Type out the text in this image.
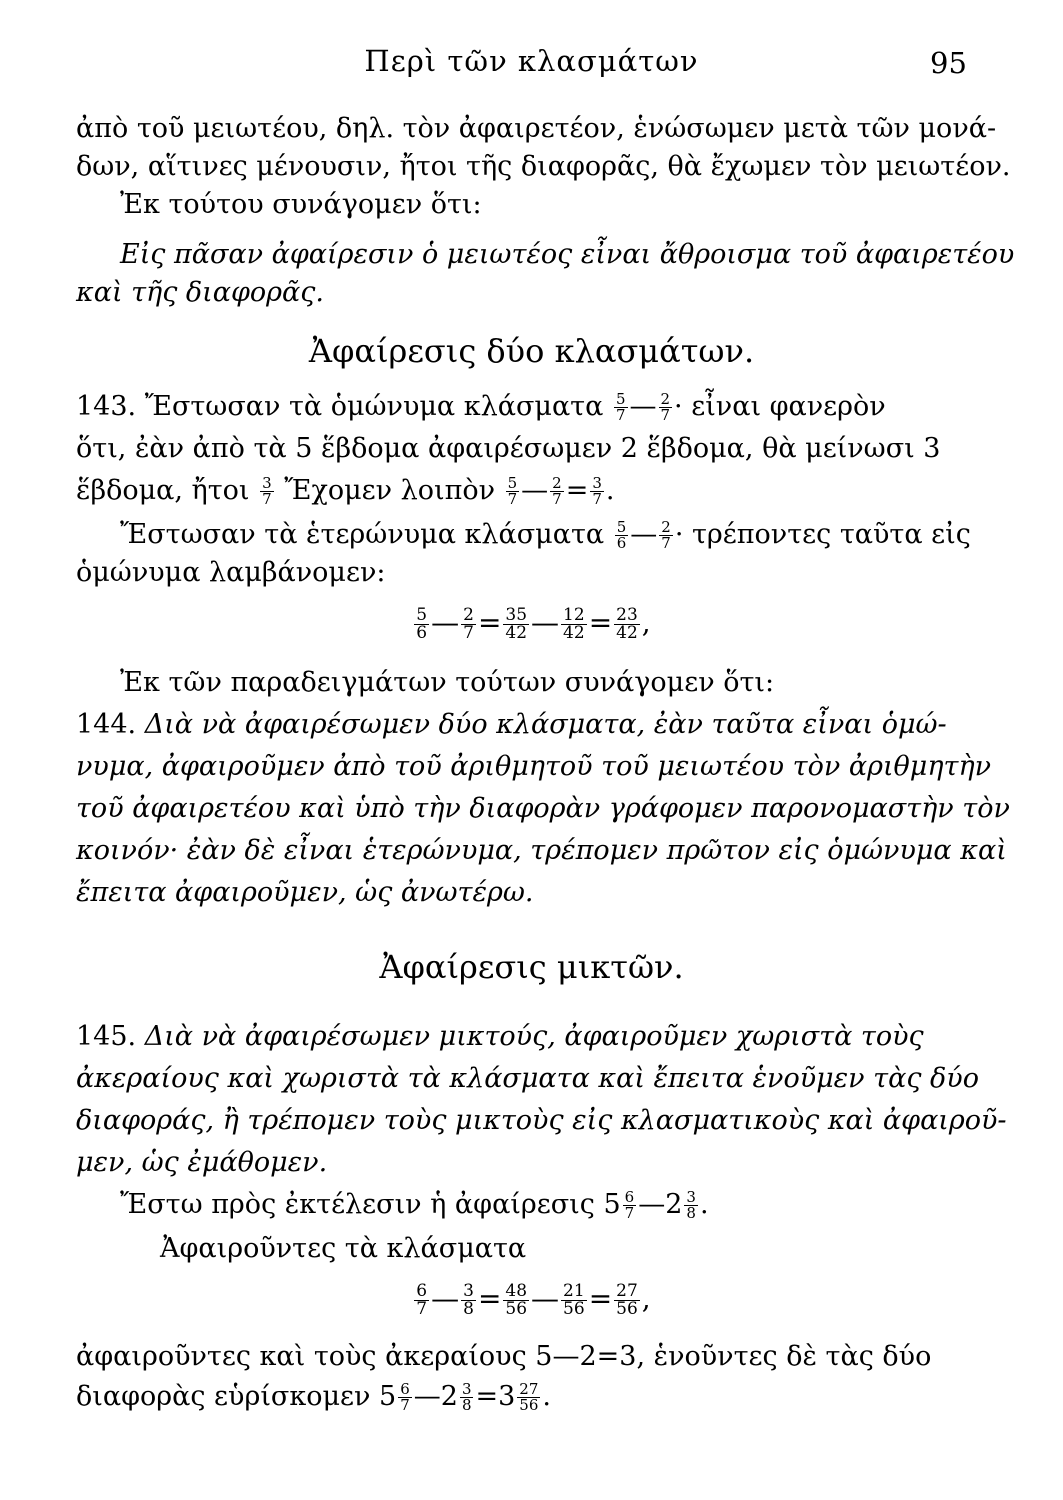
Περὶ τῶν κλασμάτων	95
ἀπὸ τοῦ μειωτέου, δηλ. τὸν ἀφαιρετέον, ἑνώσωμεν μετὰ τῶν μονά-
δων, αἵτινες μένουσιν, ἤτοι τῆς διαφορᾶς, θὰ ἔχωμεν τὸν μειωτέον.
Ἐκ τούτου συνάγομεν ὅτι:
Εἰς πᾶσαν ἀφαίρεσιν ὁ μειωτέος εἶναι ἄθροισμα τοῦ ἀφαιρετέου
καὶ τῆς διαφορᾶς.
Ἀφαίρεσις δύο κλασμάτων.
143. Ἔστωσαν τὰ ὁμώνυμα κλάσματα $\frac{5}{7}$ — $\frac{2}{7}$ · εἶναι φανερὸν
ὅτι, ἐὰν ἀπὸ τὰ 5 ἕβδομα ἀφαιρέσωμεν 2 ἕβδομα, θὰ μείνωσι 3
ἕβδομα, ἤτοι $\frac{3}{7}$ Ἔχομεν λοιπὸν $\frac{5}{7}$ — $\frac{2}{7} = \frac{3}{7}$ .
Ἔστωσαν τὰ ἑτερώνυμα κλάσματα $\frac{5}{6}$ — $\frac{2}{7} \cdot \tau\rho έ\pi o\nu\tau\varepsilon\varsigma$ ταῦτα εἰς
ὁμώνυμα λαμβάνομεν:
$\frac{5}{6}$ — $\frac{2}{7} = \frac{35}{42}$ — $\frac{12}{42} = \frac{23}{42}$ ,
Ἐκ τῶν παραδειγμάτων τούτων συνάγομεν ὅτι:
144. Διὰ νὰ ἀφαιρέσωμεν δύο κλάσματα, ἐὰν ταῦτα εἶναι ὁμώ-
νυμα, ἀφαιροῦμεν ἀπὸ τοῦ ἀριθμητοῦ τοῦ μειωτέου τὸν ἀριθμητὴν
τοῦ ἀφαιρετέου καὶ ὑπὸ τὴν διαφορὰν γράφομεν παρονομαστὴν τὸν
κοινόν· ἐὰν δὲ εἶναι ἑτερώνυμα, τρέπομεν πρῶτον εἰς ὁμώνυμα καὶ
ἔπειτα ἀφαιροῦμεν, ὡς ἀνωτέρω.
Ἀφαίρεσις μικτῶν.
145. Διὰ νὰ ἀφαιρέσωμεν μικτούς, ἀφαιροῦμεν χωριστὰ τοὺς
ἀκεραίους καὶ χωριστὰ τὰ κλάσματα καὶ ἔπειτα ἑνοῦμεν τὰς δύο
διαφοράς, ἢ τρέπομεν τοὺς μικτοὺς εἰς κλασματικοὺς καὶ ἀφαιροῦ-
μεν, ὡς ἐμάθομεν.
Ἔστω πρὸς ἐκτέλεσιν ἡ ἀφαίρεσις $5 \frac{6}{7}$ —2 $\frac{3}{8}$ .
Ἀφαιροῦντες τὰ κλάσματα
$\frac{6}{7}$ — $\frac{3}{8} = \frac{48}{56}$ — $\frac{21}{56} = \frac{27}{56}$ ,
ἀφαιροῦντες καὶ τοὺς ἀκεραίους 5—2=3, ἑνοῦντες δὲ τὰς δύο
διαφορὰς εὑρίσκομεν $5 \frac{6}{7}$ —2 $\frac{3}{8} =3 \frac{27}{56}$ .
